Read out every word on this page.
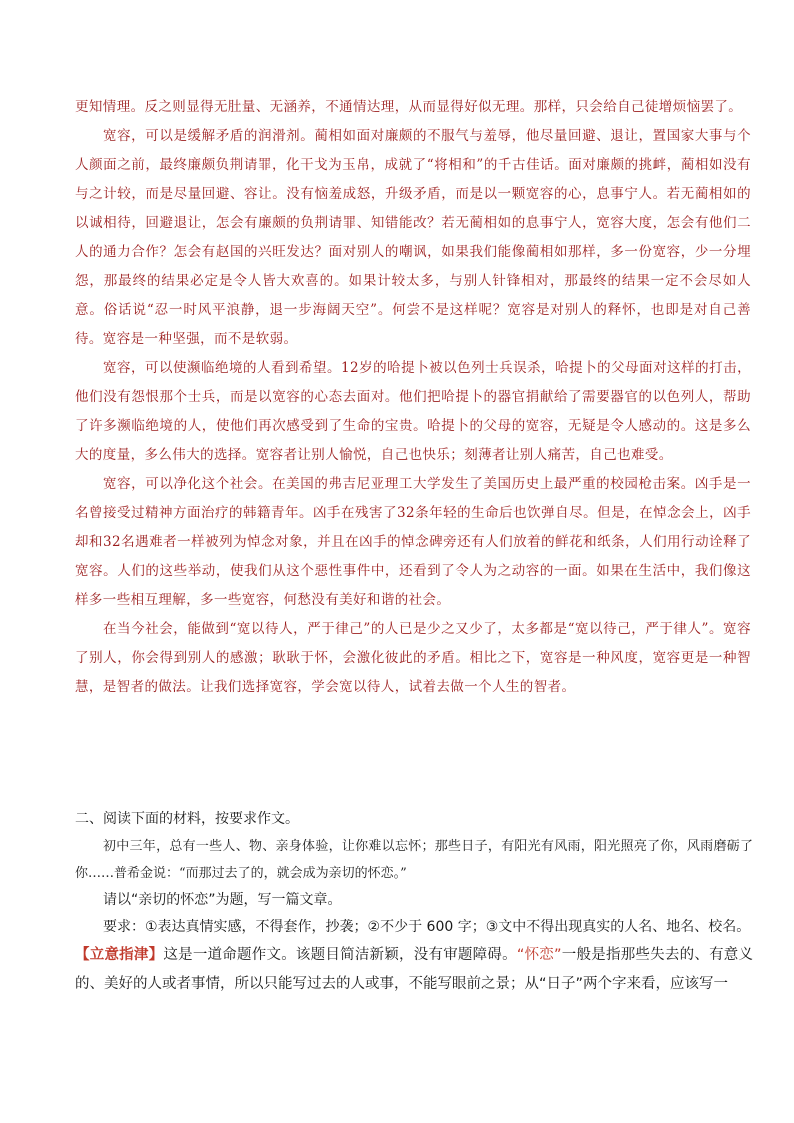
更知情理。反之则显得无肚量、无涵养，不通情达理，从而显得好似无理。那样，只会给自己徒增烦恼罢了。

宽容，可以是缓解矛盾的润滑剂。蔺相如面对廉颇的不服气与羞辱，他尽量回避、退让，置国家大事与个人颜面之前，最终廉颇负荆请罪，化干戈为玉帛，成就了“将相和”的千古佳话。面对廉颇的挑衅，蔺相如没有与之计较，而是尽量回避、容让。没有恼羞成怒，升级矛盾，而是以一颗宽容的心，息事宁人。若无蔺相如的以诚相待，回避退让，怎会有廉颇的负荆请罪、知错能改？若无蔺相如的息事宁人，宽容大度，怎会有他们二人的通力合作？怎会有赵国的兴旺发达？面对别人的嘲讽，如果我们能像蔺相如那样，多一份宽容，少一分埋怨，那最终的结果必定是令人皆大欢喜的。如果计较太多，与别人针锋相对，那最终的结果一定不会尽如人意。俗话说“忍一时风平浪静，退一步海阔天空”。何尝不是这样呢？宽容是对别人的释怀，也即是对自己善待。宽容是一种坚强，而不是软弱。

宽容，可以使濒临绝境的人看到希望。12岁的哈提卜被以色列士兵误杀，哈提卜的父母面对这样的打击，他们没有怨恨那个士兵，而是以宽容的心态去面对。他们把哈提卜的器官捐献给了需要器官的以色列人，帮助了许多濒临绝境的人，使他们再次感受到了生命的宝贵。哈提卜的父母的宽容，无疑是令人感动的。这是多么大的度量，多么伟大的选择。宽容者让别人愉悦，自己也快乐；刻薄者让别人痛苦，自己也难受。

宽容，可以净化这个社会。在美国的弗吉尼亚理工大学发生了美国历史上最严重的校园枪击案。凶手是一名曾接受过精神方面治疗的韩籍青年。凶手在残害了32条年轻的生命后也饮弹自尽。但是，在悼念会上，凶手却和32名遇难者一样被列为悼念对象，并且在凶手的悼念碑旁还有人们放着的鲜花和纸条，人们用行动诠释了宽容。人们的这些举动，使我们从这个惡性事件中，还看到了令人为之动容的一面。如果在生活中，我们像这样多一些相互理解，多一些宽容，何愁没有美好和谐的社会。

在当今社会，能做到“宽以待人，严于律己”的人已是少之又少了，太多都是“宽以待己，严于律人”。宽容了别人，你会得到别人的感激；耿耿于怀，会激化彼此的矛盾。相比之下，宽容是一种风度，宽容更是一种智慧，是智者的做法。让我们选择宽容，学会宽以待人，试着去做一个人生的智者。

二、阅读下面的材料，按要求作文。

初中三年，总有一些人、物、亲身体验，让你难以忘怀；那些日子，有阳光有风雨，阳光照亮了你，风雨磨砺了你……普希金说：“而那过去了的，就会成为亲切的怀恋。”

请以“亲切的怀恋”为题，写一篇文章。

要求：①表达真情实感，不得套作，抄袭；②不少于 600 字；③文中不得出现真实的人名、地名、校名。

【立意指津】这是一道命题作文。该题目简洁新颖，没有审题障碍。“怀恋”一般是指那些失去的、有意义的、美好的人或者事情，所以只能写过去的人或事，不能写眼前之景；从“日子”两个字来看，应该写一
